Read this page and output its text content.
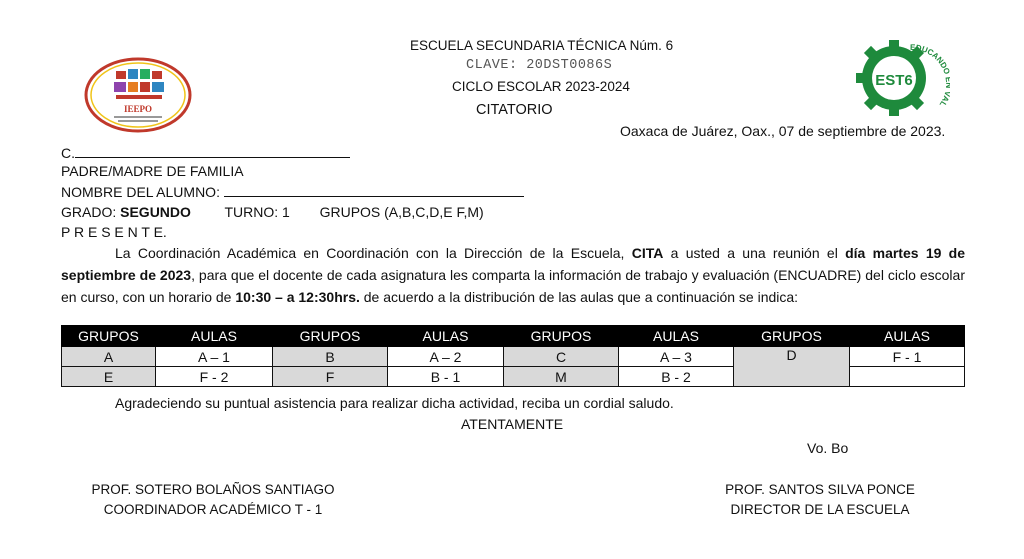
IEEPO
EST6
EDUCAND AL
ESCUELA SECUNDARIA TÉCNICA Núm. 6
CLAVE: 20DST0086S
CICLO ESCOLAR 2023-2024
CITATORIO
Oaxaca de Juárez, Oax., 07 de septiembre de 2023.
C.
PADRE/MADRE DE FAMILIA
NOMBRE DEL ALUMNO:
GRADO: SEGUNDO TURNO: 1 GRUPOS (A,B,C,D,E F,M)
P R E S E N T E.
La Coordinación Académica en Coordinación con la Dirección de la Escuela, CITA a usted a una reunión el día martes 19 de septiembre de 2023, para que el docente de cada asignatura les comparta la información de trabajo y evaluación (ENCUADRE) del ciclo escolar en curso, con un horario de 10:30 – a 12:30hrs. de acuerdo a la distribución de las aulas que a continuación se indica:
GRUPOS	AULAS	GRUPOS	AULAS	GRUPOS	AULAS	GRUPOS	AULAS
A	A – 1	B	A – 2	C	A – 3	D	F - 1
E	F - 2	F	B - 1	M	B - 2		
Agradeciendo su puntual asistencia para realizar dicha actividad, reciba un cordial saludo.
ATENTAMENTE
Vo. Bo
PROF. SOTERO BOLAÑOS SANTIAGO
COORDINADOR ACADÉMICO T - 1
PROF. SANTOS SILVA PONCE
DIRECTOR DE LA ESCUELA
